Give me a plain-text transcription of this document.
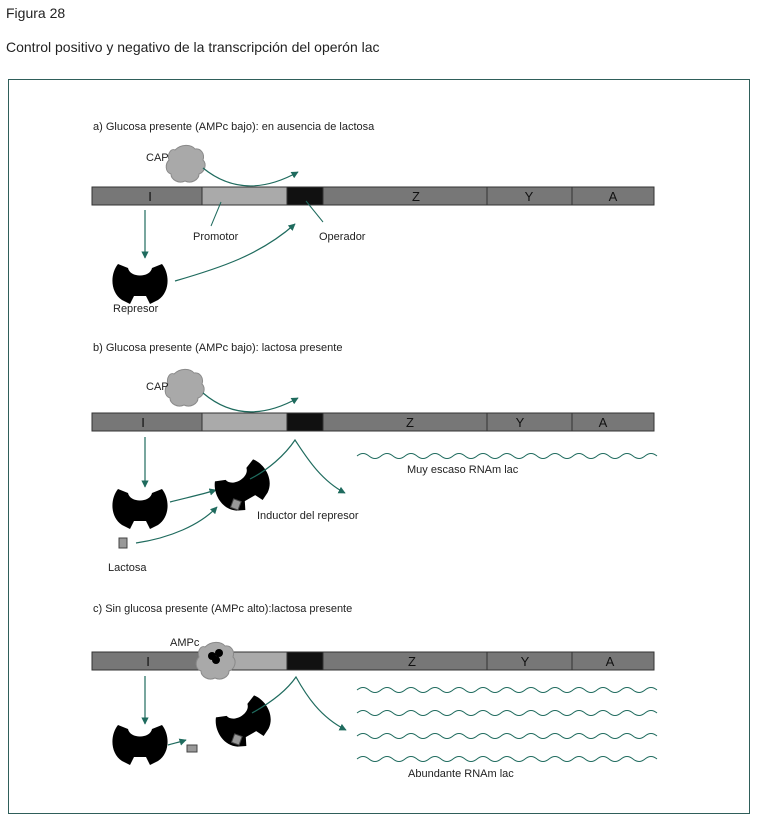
Figura 28
Control positivo y negativo de la transcripción del operón lac
a) Glucosa presente (AMPc bajo): en ausencia de lactosa
I	Z	Y	A
CAP
Promotor	Operador
Represor
b) Glucosa presente (AMPc bajo): lactosa presente
I	Z	Y	A
CAP
Muy escaso RNAm lac
Lactosa
Inductor del represor
c) Sin glucosa presente (AMPc alto):lactosa presente
I	Z	Y	A
AMPc
Abundante RNAm lac
